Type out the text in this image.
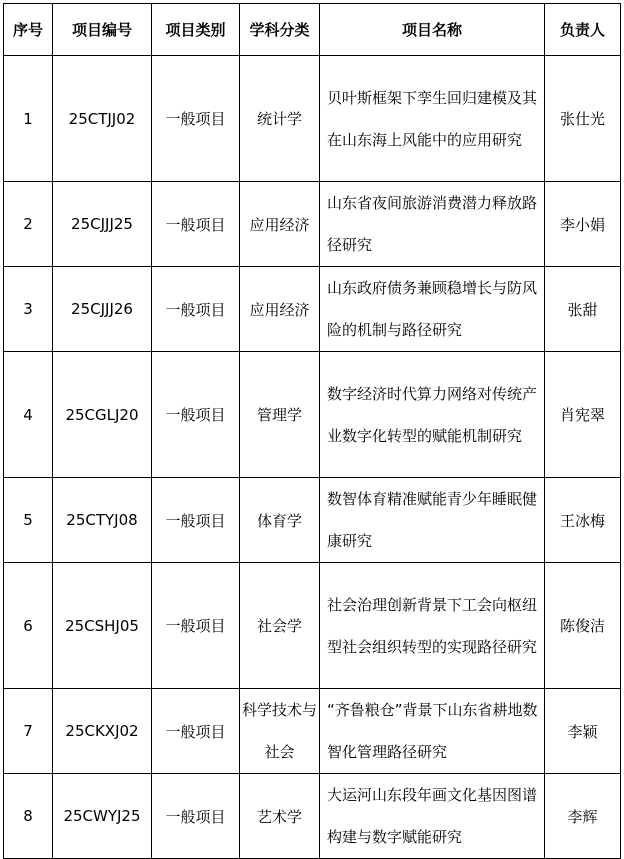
序号	项目编号	项目类别	学科分类	项目名称	负责人
1	25CTJJ02	一般项目	统计学	贝叶斯框架下孪生回归建模及其在山东海上风能中的应用研究	张仕光
2	25CJJJ25	一般项目	应用经济	山东省夜间旅游消费潜力释放路径研究	李小娟
3	25CJJJ26	一般项目	应用经济	山东政府债务兼顾稳增长与防风险的机制与路径研究	张甜
4	25CGLJ20	一般项目	管理学	数字经济时代算力网络对传统产业数字化转型的赋能机制研究	肖宪翠
5	25CTYJ08	一般项目	体育学	数智体育精准赋能青少年睡眠健康研究	王冰梅
6	25CSHJ05	一般项目	社会学	社会治理创新背景下工会向枢纽型社会组织转型的实现路径研究	陈俊洁
7	25CKXJ02	一般项目	科学技术与社会	“齐鲁粮仓”背景下山东省耕地数智化管理路径研究	李颖
8	25CWYJ25	一般项目	艺术学	大运河山东段年画文化基因图谱构建与数字赋能研究	李辉
